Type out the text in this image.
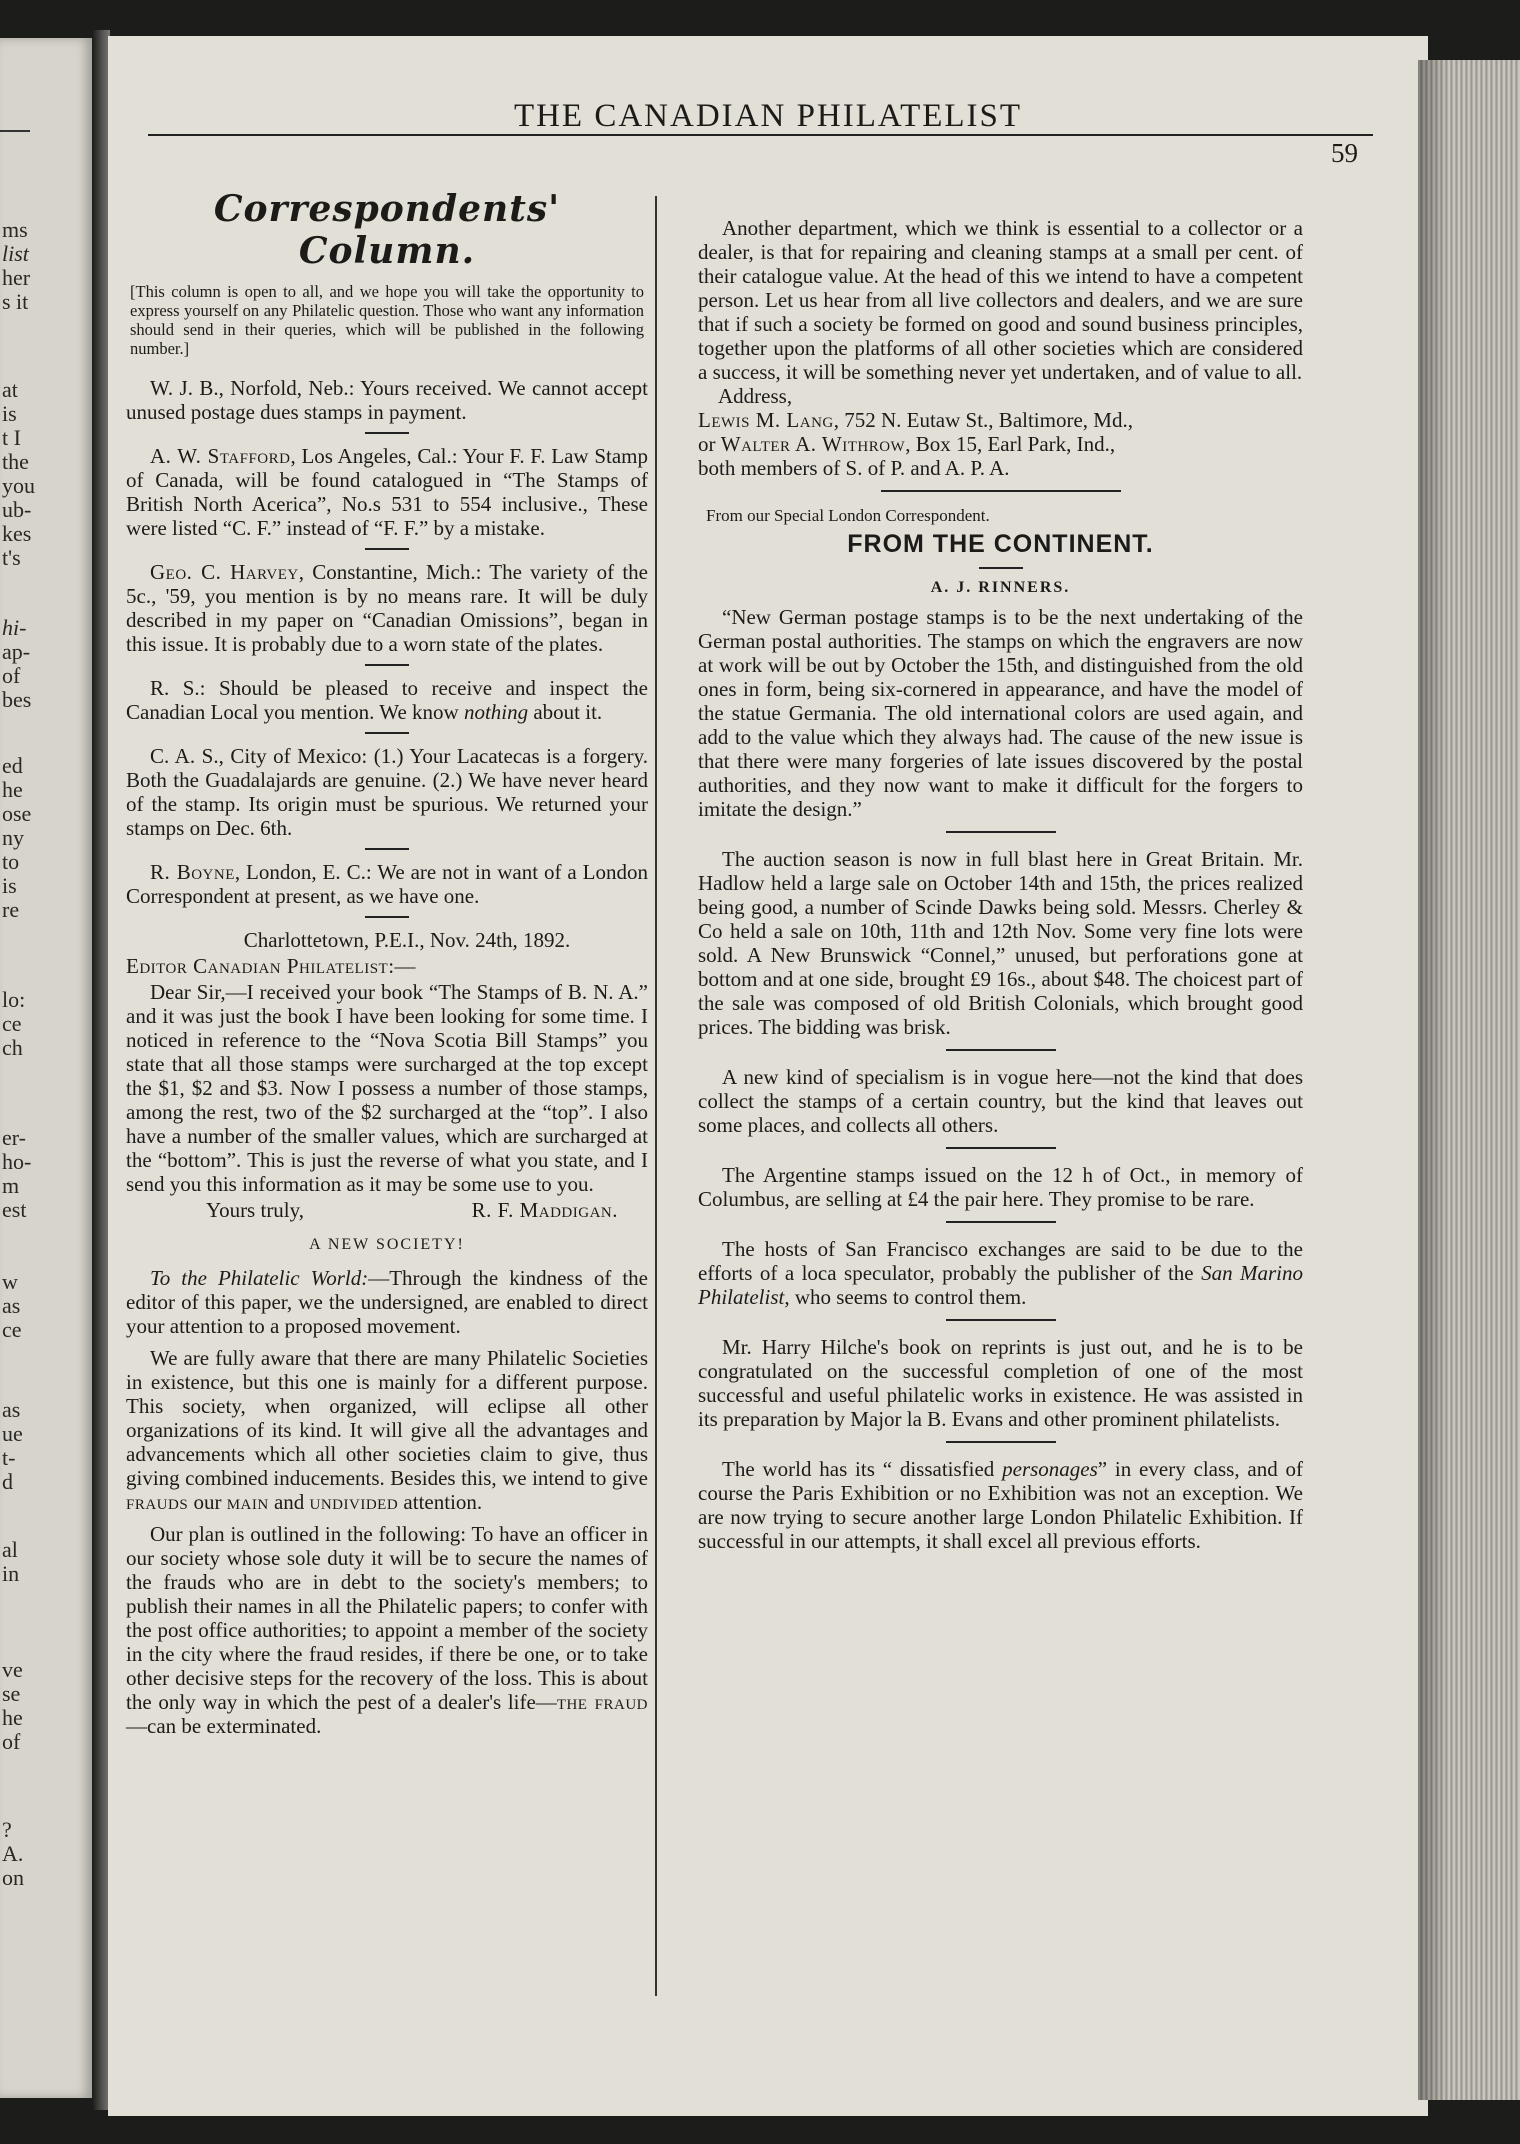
ms
list
her
s it
at
is
t I
the
you
ub-
kes
t's
hi-
ap-
of
bes
ed
he
ose
ny
to
is
re
lo:
ce
ch
er-
ho-
m
est
w
as
ce
as
ue
t-
d
al
in
ve
se
he
of
?
A.
on
THE CANADIAN PHILATELIST
59
Correspondents' Column.
[This column is open to all, and we hope you will take the opportunity to express yourself on any Philatelic question. Those who want any information should send in their queries, which will be published in the following number.]

W. J. B., Norfold, Neb.: Yours received. We cannot accept unused postage dues stamps in payment.

A. W. Stafford, Los Angeles, Cal.: Your F. F. Law Stamp of Canada, will be found catalogued in “The Stamps of British North Acerica”, No.s 531 to 554 inclusive., These were listed “C. F.” instead of “F. F.” by a mistake.

Geo. C. Harvey, Constantine, Mich.: The variety of the 5c., '59, you mention is by no means rare. It will be duly described in my paper on “Canadian Omissions”, began in this issue. It is probably due to a worn state of the plates.

R. S.: Should be pleased to receive and inspect the Canadian Local you mention. We know nothing about it.

C. A. S., City of Mexico: (1.) Your Lacatecas is a forgery. Both the Guadalajards are genuine. (2.) We have never heard of the stamp. Its origin must be spurious. We returned your stamps on Dec. 6th.

R. Boyne, London, E. C.: We are not in want of a London Correspondent at present, as we have one.

Charlottetown, P.E.I., Nov. 24th, 1892.

Editor Canadian Philatelist:—

Dear Sir,—I received your book “The Stamps of B. N. A.” and it was just the book I have been looking for some time. I noticed in reference to the “Nova Scotia Bill Stamps” you state that all those stamps were surcharged at the top except the $1, $2 and $3. Now I possess a number of those stamps, among the rest, two of the $2 surcharged at the “top”. I also have a number of the smaller values, which are surcharged at the “bottom”. This is just the reverse of what you state, and I send you this information as it may be some use to you.

Yours truly,	R. F. Maddigan.
A NEW SOCIETY!

To the Philatelic World:—Through the kindness of the editor of this paper, we the undersigned, are enabled to direct your attention to a proposed movement.

We are fully aware that there are many Philatelic Societies in existence, but this one is mainly for a different purpose. This society, when organized, will eclipse all other organizations of its kind. It will give all the advantages and advancements which all other societies claim to give, thus giving combined inducements. Besides this, we intend to give frauds our main and undivided attention.

Our plan is outlined in the following: To have an officer in our society whose sole duty it will be to secure the names of the frauds who are in debt to the society's members; to publish their names in all the Philatelic papers; to confer with the post office authorities; to appoint a member of the society in the city where the fraud resides, if there be one, or to take other decisive steps for the recovery of the loss. This is about the only way in which the pest of a dealer's life—the fraud—can be exterminated.

Another department, which we think is essential to a collector or a dealer, is that for repairing and cleaning stamps at a small per cent. of their catalogue value. At the head of this we intend to have a competent person. Let us hear from all live collectors and dealers, and we are sure that if such a society be formed on good and sound business principles, together upon the platforms of all other societies which are considered a success, it will be something never yet undertaken, and of value to all.

Address,

Lewis M. Lang, 752 N. Eutaw St., Baltimore, Md.,

or Walter A. Withrow, Box 15, Earl Park, Ind.,

both members of S. of P. and A. P. A.

From our Special London Correspondent.
FROM THE CONTINENT.
A. J. RINNERS.

“New German postage stamps is to be the next undertaking of the German postal authorities. The stamps on which the engravers are now at work will be out by October the 15th, and distinguished from the old ones in form, being six-cornered in appearance, and have the model of the statue Germania. The old international colors are used again, and add to the value which they always had. The cause of the new issue is that there were many forgeries of late issues discovered by the postal authorities, and they now want to make it difficult for the forgers to imitate the design.”

The auction season is now in full blast here in Great Britain. Mr. Hadlow held a large sale on October 14th and 15th, the prices realized being good, a number of Scinde Dawks being sold. Messrs. Cherley & Co held a sale on 10th, 11th and 12th Nov. Some very fine lots were sold. A New Brunswick “Connel,” unused, but perforations gone at bottom and at one side, brought £9 16s., about $48. The choicest part of the sale was composed of old British Colonials, which brought good prices. The bidding was brisk.

A new kind of specialism is in vogue here—not the kind that does collect the stamps of a certain country, but the kind that leaves out some places, and collects all others.

The Argentine stamps issued on the 12 h of Oct., in memory of Columbus, are selling at £4 the pair here. They promise to be rare.

The hosts of San Francisco exchanges are said to be due to the efforts of a loca speculator, probably the publisher of the San Marino Philatelist, who seems to control them.

Mr. Harry Hilche's book on reprints is just out, and he is to be congratulated on the successful completion of one of the most successful and useful philatelic works in existence. He was assisted in its preparation by Major la B. Evans and other prominent philatelists.

The world has its “ dissatisfied personages” in every class, and of course the Paris Exhibition or no Exhibition was not an exception. We are now trying to secure another large London Philatelic Exhibition. If successful in our attempts, it shall excel all previous efforts.
